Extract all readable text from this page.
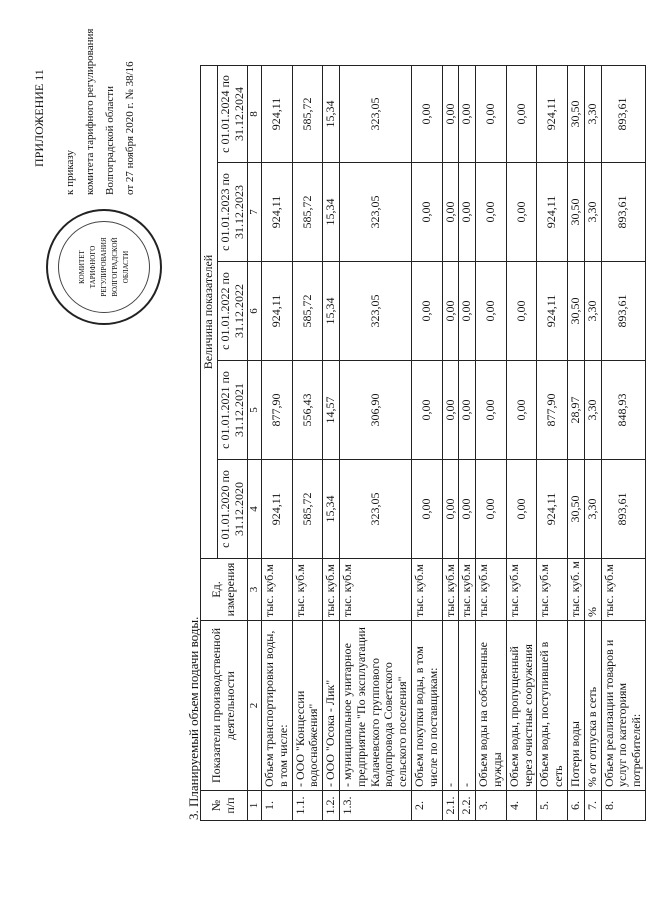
КОМИТЕТ ТАРИФНОГО РЕГУЛИРОВАНИЯ ВОЛГОГРАДСКОЙ ОБЛАСТИ
ПРИЛОЖЕНИЕ 11
к приказу комитета тарифного регулирования Волгоградской области от 27 ноября 2020 г. № 38/16
3. Планируемый объем подачи воды. № п/п	Показатели производственной деятельности	Ед. измерения	Величина показателей				
			с 01.01.2020 по 31.12.2020	с 01.01.2021 по 31.12.2021	с 01.01.2022 по 31.12.2022	с 01.01.2023 по 31.12.2023	с 01.01.2024 по 31.12.2024
1	2	3	4	5	6	7	8
1.	Объем транспортировки воды, в том числе:	тыс. куб.м	924,11	877,90	924,11	924,11	924,11
1.1.	- ООО "Концессии водоснабжения"	тыс. куб.м	585,72	556,43	585,72	585,72	585,72
1.2.	- ООО "Осока - Лик"	тыс. куб.м	15,34	14,57	15,34	15,34	15,34
1.3.	- муниципальное унитарное предприятие "По эксплуатации Калачевского группового водопровода Советского сельского поселения"	тыс. куб.м	323,05	306,90	323,05	323,05	323,05
2.	Объем покупки воды, в том числе по поставщикам:	тыс. куб.м	0,00	0,00	0,00	0,00	0,00
2.1.	-	тыс. куб.м	0,00	0,00	0,00	0,00	0,00
2.2.	-	тыс. куб.м	0,00	0,00	0,00	0,00	0,00
3.	Объем воды на собственные нужды	тыс. куб.м	0,00	0,00	0,00	0,00	0,00
4.	Объем воды, пропущенный через очистные сооружения	тыс. куб.м	0,00	0,00	0,00	0,00	0,00
5.	Объем воды, поступившей в сеть	тыс. куб.м	924,11	877,90	924,11	924,11	924,11
6.	Потери воды	тыс. куб. м	30,50	28,97	30,50	30,50	30,50
7.	% от отпуска в сеть	%	3,30	3,30	3,30	3,30	3,30
8.	Объем реализации товаров и услуг по категориям потребителей:	тыс. куб.м	893,61	848,93	893,61	893,61	893,61
